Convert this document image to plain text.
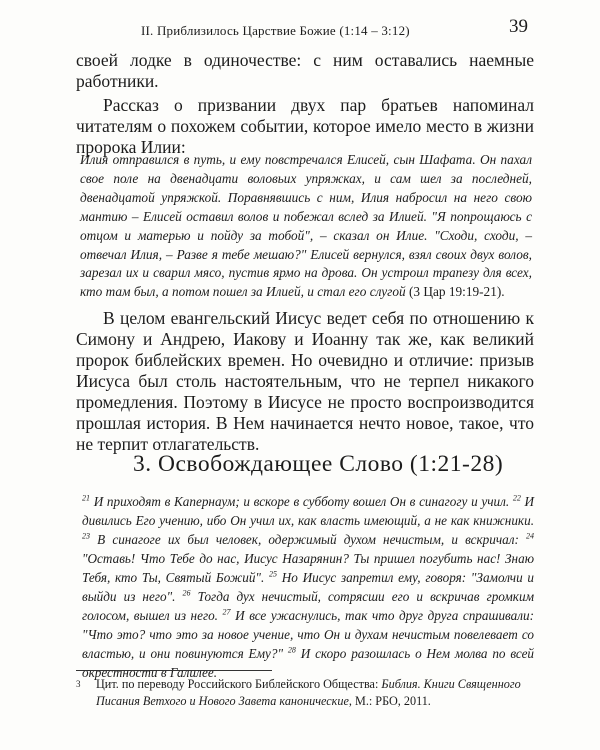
II. Приблизилось Царствие Божие (1:14 – 3:12)	39

своей лодке в одиночестве: с ним оставались наемные работники.

Рассказ о призвании двух пар братьев напоминал читателям о похожем событии, которое имело место в жизни пророка Илии:

Илия отправился в путь, и ему повстречался Елисей, сын Шафата. Он пахал свое поле на двенадцати воловьих упряжках, и сам шел за последней, двенадцатой упряжкой. Поравнявшись с ним, Илия набросил на него свою мантию – Елисей оставил волов и побежал вслед за Илией. "Я попрощаюсь с отцом и матерью и пойду за тобой", – сказал он Илие. "Сходи, сходи, – отвечал Илия, – Разве я тебе мешаю?" Елисей вернулся, взял своих двух волов, зарезал их и сварил мясо, пустив ярмо на дрова. Он устроил трапезу для всех, кто там был, а потом пошел за Илией, и стал его слугой (3 Цар 19:19-21).

В целом евангельский Иисус ведет себя по отношению к Симону и Андрею, Иакову и Иоанну так же, как великий пророк библейских времен. Но очевидно и отличие: призыв Иисуса был столь настоятельным, что не терпел никакого промедления. Поэтому в Иисусе не просто воспроизводится прошлая история. В Нем начинается нечто новое, такое, что не терпит отлагательств.

3. Освобождающее Слово (1:21-28)

$^{21}$ И приходят в Капернаум; и вскоре в субботу вошел Он в синагогу и учил. $^{22}$ И дивились Его учению, ибо Он учил их, как власть имеющий, а не как книжники. $^{23}$ В синагоге их был человек, одержимый духом нечистым, и вскричал: $^{24}$ "Оставь! Что Тебе до нас, Иисус Назарянин? Ты пришел погубить нас! Знаю Тебя, кто Ты, Святый Божий". $^{25}$ Но Иисус запретил ему, говоря: "Замолчи и выйди из него". $^{26}$ Тогда дух нечистый, сотрясши его и вскричав громким голосом, вышел из него. $^{27}$ И все ужаснулись, так что друг друга спрашивали: "Что это? что это за новое учение, что Он и духам нечистым повелевает со властью, и они повинуются Ему?" $^{28}$ И скоро разошлась о Нем молва по всей окрестности в Галилее.

3 Цит. по переводу Российского Библейского Общества: Библия. Книги Священного Писания Ветхого и Нового Завета канонические, М.: РБО, 2011.
